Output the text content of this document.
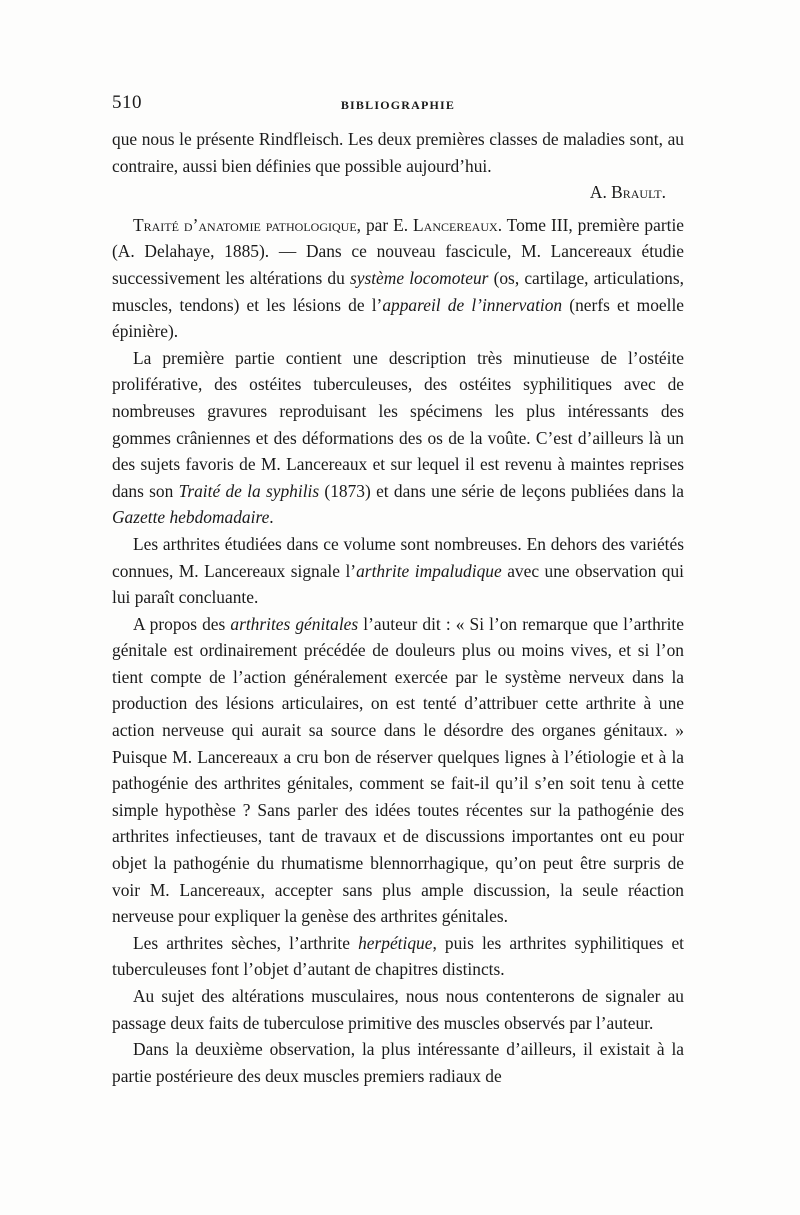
510	BIBLIOGRAPHIE

que nous le présente Rindfleisch. Les deux premières classes de maladies sont, au contraire, aussi bien définies que possible aujourd’hui.

A. Brault.

Traité d’anatomie pathologique, par E. Lancereaux. Tome III, première partie (A. Delahaye, 1885). — Dans ce nouveau fascicule, M. Lancereaux étudie successivement les altérations du système locomoteur (os, cartilage, articulations, muscles, tendons) et les lésions de l’appareil de l’innervation (nerfs et moelle épinière).

La première partie contient une description très minutieuse de l’ostéite proliférative, des ostéites tuberculeuses, des ostéites syphilitiques avec de nombreuses gravures reproduisant les spécimens les plus intéressants des gommes crâniennes et des déformations des os de la voûte. C’est d’ailleurs là un des sujets favoris de M. Lancereaux et sur lequel il est revenu à maintes reprises dans son Traité de la syphilis (1873) et dans une série de leçons publiées dans la Gazette hebdomadaire.

Les arthrites étudiées dans ce volume sont nombreuses. En dehors des variétés connues, M. Lancereaux signale l’arthrite impaludique avec une observation qui lui paraît concluante.

A propos des arthrites génitales l’auteur dit : « Si l’on remarque que l’arthrite génitale est ordinairement précédée de douleurs plus ou moins vives, et si l’on tient compte de l’action généralement exercée par le système nerveux dans la production des lésions articulaires, on est tenté d’attribuer cette arthrite à une action nerveuse qui aurait sa source dans le désordre des organes génitaux. » Puisque M. Lancereaux a cru bon de réserver quelques lignes à l’étiologie et à la pathogénie des arthrites génitales, comment se fait-il qu’il s’en soit tenu à cette simple hypothèse ? Sans parler des idées toutes récentes sur la pathogénie des arthrites infectieuses, tant de travaux et de discussions importantes ont eu pour objet la pathogénie du rhumatisme blennorrhagique, qu’on peut être surpris de voir M. Lancereaux, accepter sans plus ample discussion, la seule réaction nerveuse pour expliquer la genèse des arthrites génitales.

Les arthrites sèches, l’arthrite herpétique, puis les arthrites syphilitiques et tuberculeuses font l’objet d’autant de chapitres distincts.

Au sujet des altérations musculaires, nous nous contenterons de signaler au passage deux faits de tuberculose primitive des muscles observés par l’auteur.

Dans la deuxième observation, la plus intéressante d’ailleurs, il existait à la partie postérieure des deux muscles premiers radiaux de
